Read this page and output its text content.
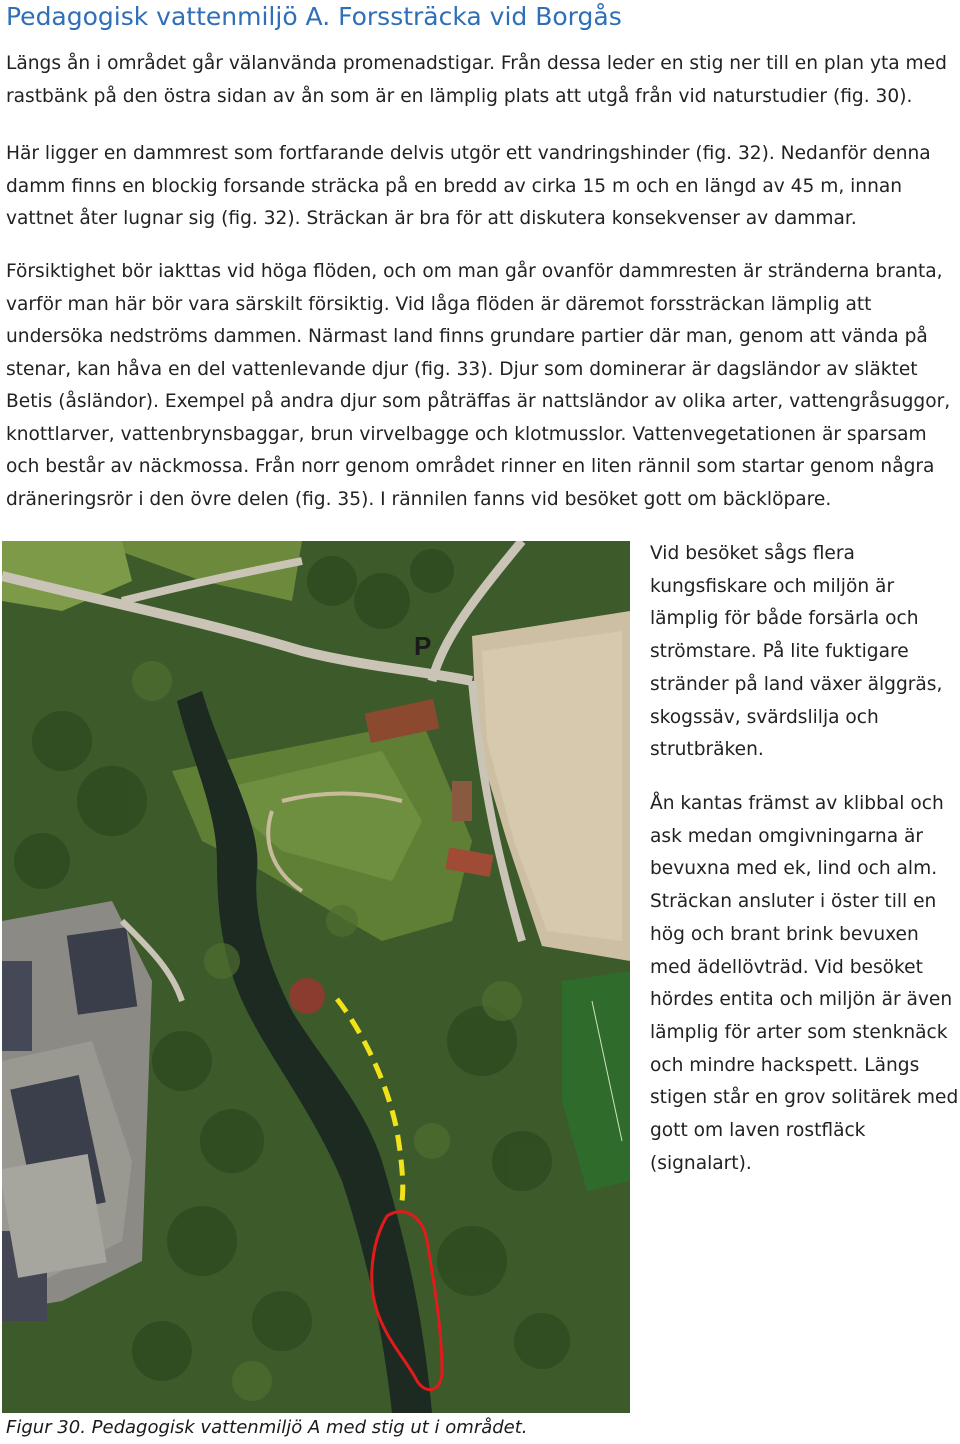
Pedagogisk vattenmiljö A. Forssträcka vid Borgås

Längs ån i området går välanvända promenadstigar. Från dessa leder en stig ner till en plan yta med rastbänk på den östra sidan av ån som är en lämplig plats att utgå från vid naturstudier (fig. 30).

Här ligger en dammrest som fortfarande delvis utgör ett vandringshinder (fig. 32). Nedanför denna damm finns en blockig forsande sträcka på en bredd av cirka 15 m och en längd av 45 m, innan vattnet åter lugnar sig (fig. 32). Sträckan är bra för att diskutera konsekvenser av dammar.

Försiktighet bör iakttas vid höga flöden, och om man går ovanför dammresten är stränderna branta, varför man här bör vara särskilt försiktig. Vid låga flöden är däremot forssträckan lämplig att undersöka nedströms dammen. Närmast land finns grundare partier där man, genom att vända på stenar, kan håva en del vattenlevande djur (fig. 33). Djur som dominerar är dagsländor av släktet Betis (åsländor). Exempel på andra djur som påträffas är nattsländor av olika arter, vattengråsuggor, knottlarver, vattenbrynsbaggar, brun virvelbagge och klotmusslor. Vattenvegetationen är sparsam och består av näckmossa. Från norr genom området rinner en liten rännil som startar genom några dräneringsrör i den övre delen (fig. 35). I rännilen fanns vid besöket gott om bäcklöpare.

P

Vid besöket sågs flera kungsfiskare och miljön är lämplig för både forsärla och strömstare. På lite fuktigare stränder på land växer älggräs, skogssäv, svärdslilja och strutbräken.

Ån kantas främst av klibbal och ask medan omgivningarna är bevuxna med ek, lind och alm. Sträckan ansluter i öster till en hög och brant brink bevuxen med ädellövträd. Vid besöket hördes entita och miljön är även lämplig för arter som stenknäck och mindre hackspett. Längs stigen står en grov solitärek med gott om laven rostfläck (signalart).

Figur 30. Pedagogisk vattenmiljö A med stig ut i området.
